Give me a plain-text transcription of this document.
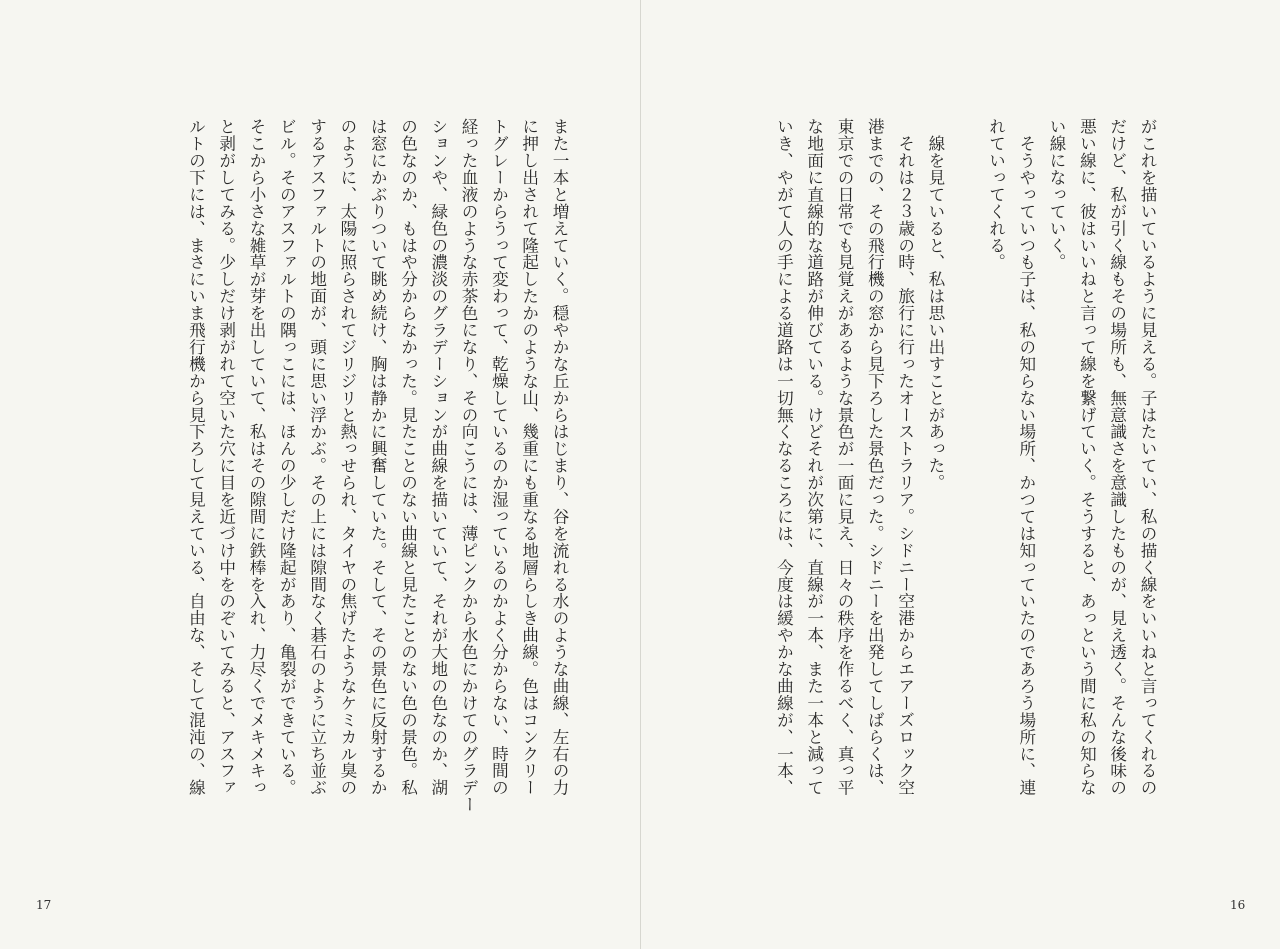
また一本と増えていく。穏やかな丘からはじまり、谷を流れる水のような曲線、左右の力
に押し出されて隆起したかのような山、幾重にも重なる地層らしき曲線。色はコンクリー
トグレーからうって変わって、乾燥しているのか湿っているのかよく分からない、時間の
経った血液のような赤茶色になり、その向こうには、薄ピンクから水色にかけてのグラデー
ションや、緑色の濃淡のグラデーションが曲線を描いていて、それが大地の色なのか、湖
の色なのか、もはや分からなかった。見たことのない曲線と見たことのない色の景色。私
は窓にかぶりついて眺め続け、胸は静かに興奮していた。そして、その景色に反射するか
のように、太陽に照らされてジリジリと熱っせられ、タイヤの焦げたようなケミカル臭の
するアスファルトの地面が、頭に思い浮かぶ。その上には隙間なく碁石のように立ち並ぶ
ビル。そのアスファルトの隅っこには、ほんの少しだけ隆起があり、亀裂ができている。
そこから小さな雑草が芽を出していて、私はその隙間に鉄棒を入れ、力尽くでメキメキっ
と剥がしてみる。少しだけ剥がれて空いた穴に目を近づけ中をのぞいてみると、アスファ
ルトの下には、まさにいま飛行機から見下ろして見えている、自由な、そして混沌の、線
17
がこれを描いているように見える。子はたいてい、私の描く線をいいねと言ってくれるの
だけど、私が引く線もその場所も、無意識さを意識したものが、見え透く。そんな後味の
悪い線に、彼はいいねと言って線を繋げていく。そうすると、あっという間に私の知らな
い線になっていく。
　そうやっていつも子は、私の知らない場所、かつては知っていたのであろう場所に、連
れていってくれる。
　線を見ていると、私は思い出すことがあった。
　それは２３歳の時、旅行に行ったオーストラリア。シドニー空港からエアーズロック空
港までの、その飛行機の窓から見下ろした景色だった。シドニーを出発してしばらくは、
東京での日常でも見覚えがあるような景色が一面に見え、日々の秩序を作るべく、真っ平
な地面に直線的な道路が伸びている。けどそれが次第に、直線が一本、また一本と減って
いき、やがて人の手による道路は一切無くなるころには、今度は緩やかな曲線が、一本、
16
